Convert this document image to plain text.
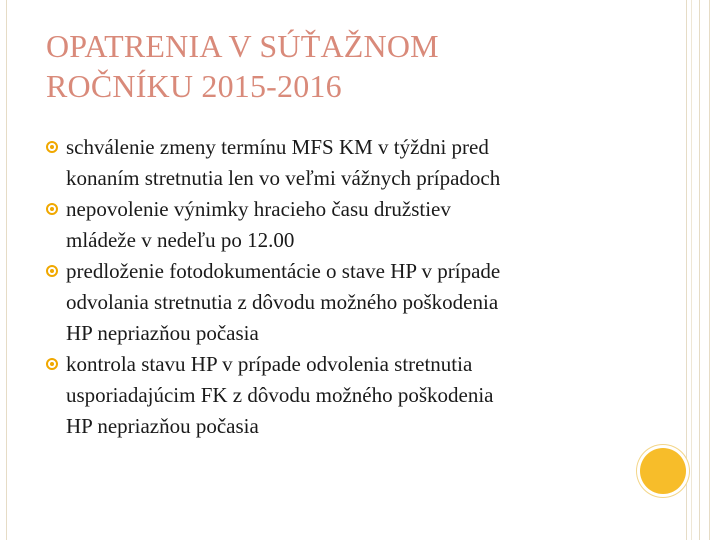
OPATRENIA V SÚŤAŽNOM
ROČNÍKU 2015-2016
schválenie zmeny termínu MFS KM v týždni pred
konaním stretnutia len vo veľmi vážnych prípadoch
nepovolenie výnimky hracieho času družstiev
mládeže v nedeľu po 12.00
predloženie fotodokumentácie o stave HP v prípade
odvolania stretnutia z dôvodu možného poškodenia
HP nepriazňou počasia
kontrola stavu HP v prípade odvolenia stretnutia
usporiadajúcim FK z dôvodu možného poškodenia
HP nepriazňou počasia
